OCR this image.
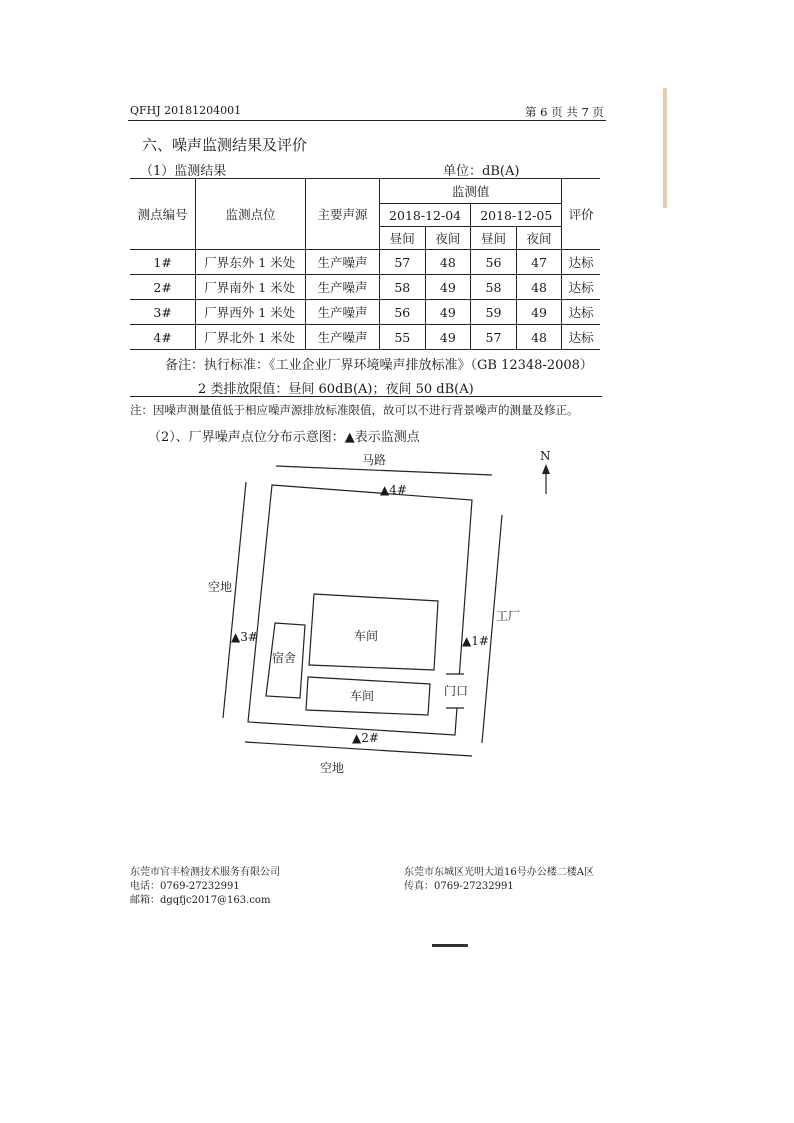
QFHJ 20181204001	第 6 页 共 7 页
六、噪声监测结果及评价
（1）监测结果	单位：dB(A)
测点编号	监测点位	主要声源	监测值				评价
			2018-12-04		2018-12-05		
			昼间	夜间	昼间	夜间	
1#	厂界东外 1 米处	生产噪声	57	48	56	47	达标
2#	厂界南外 1 米处	生产噪声	58	49	58	48	达标
3#	厂界西外 1 米处	生产噪声	56	49	59	49	达标
4#	厂界北外 1 米处	生产噪声	55	49	57	48	达标
备注：执行标准：《工业企业厂界环境噪声排放标准》（GB 12348-2008）
2 类排放限值：昼间 60dB(A)；夜间 50 dB(A)
注：因噪声测量值低于相应噪声源排放标准限值，故可以不进行背景噪声的测量及修正。
（2）、厂界噪声点位分布示意图：▲表示监测点
马路	N
▲4#
空地
工厂
▲3#	▲1#
车间
车间
宿舍
门口
▲2#
空地
东莞市官丰检测技术服务有限公司
电话：0769-27232991
邮箱：dgqfjc2017@163.com
东莞市东城区光明大道16号办公楼二楼A区
传真：0769-27232991
